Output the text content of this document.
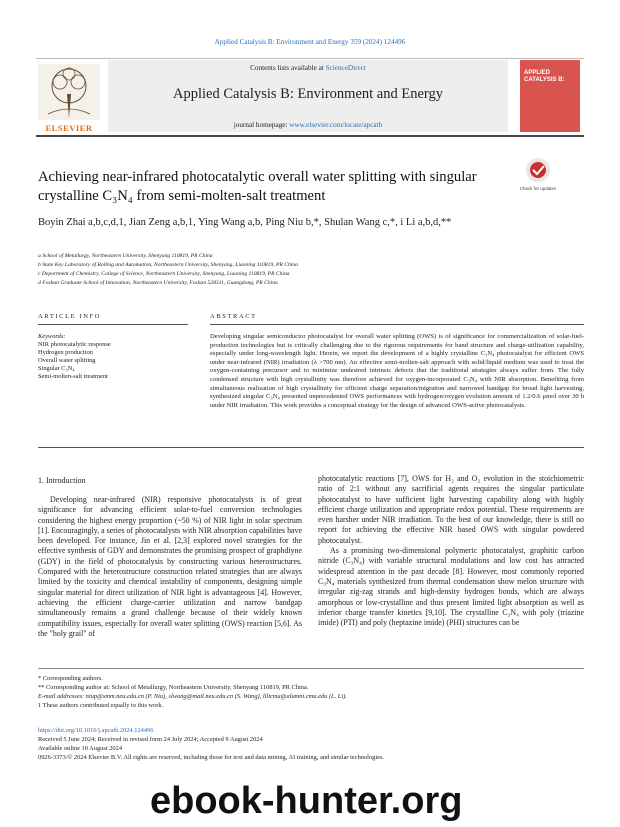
Applied Catalysis B: Environment and Energy 359 (2024) 124496
ELSEVIER
Contents lists available at ScienceDirect
Applied Catalysis B: Environment and Energy
journal homepage: www.elsevier.com/locate/apcatb
APPLIED CATALYSIS B:
Achieving near-infrared photocatalytic overall water splitting with singular crystalline C₃N₄ from semi-molten-salt treatment	Check for updates
Boyin Zhai a,b,c,d,1, Jian Zeng a,b,1, Ying Wang a,b, Ping Niu b,*, Shulan Wang c,*, i Li a,b,d,**
a School of Metallurgy, Northeastern University, Shenyang 110819, PR China
b State Key Laboratory of Rolling and Automation, Northeastern University, Shenyang, Liaoning 110819, PR China
c Department of Chemistry, College of Science, Northeastern University, Shenyang, Liaoning 110819, PR China
d Foshan Graduate School of Innovation, Northeastern University, Foshan 528311, Guangdong, PR China
ARTICLE INFO	ABSTRACT
Keywords:
NIR photocatalytic response
Hydrogen production
Overall water splitting
Singular C₃N₄
Semi-molten-salt treatment
Developing singular semiconductor photocatalyst for overall water splitting (OWS) is of significance for commercialization of solar-fuel-production technologies but is critically challenging due to the rigorous requirements for band structure and charge-utilization capability, especially under long-wavelength light. Herein, we report the development of a highly crystalline C₃N₄ photocatalyst for efficient OWS under near-infrared (NIR) irradiation (λ >700 nm). An effective semi-molten-salt approach with solid/liquid medium was used to treat the oxygen-containing precursor and to minimize undesired intrinsic defects that the traditional strategies always suffer from. The fully condensed structure with high crystallinity was therefore achieved for oxygen-incorporated C₃N₄ with NIR absorption. Benefiting from simultaneous realization of high crystallinity for efficient charge separation/migration and narrowed bandgap for broad light harvesting, synthesized singular C₃N₄ presented unprecedented OWS performances with hydrogen/oxygen evolution amount of 1.2/0.6 μmol over 30 h under NIR irradiation. This work provides a conceptual strategy for the design of advanced OWS-active photocatalysts.
1. Introduction

Developing near-infrared (NIR) responsive photocatalysts is of great significance for advancing efficient solar-to-fuel conversion technologies considering the highest energy proportion (~50 %) of NIR light in solar spectrum [1]. Encouragingly, a series of photocatalysts with NIR absorption capabilities have been developed. For instance, Jin et al. [2,3] explored novel strategies for the effective synthesis of GDY and demonstrates the promising prospect of graphdiyne (GDY) in the field of photocatalysis by constructing various heterostructures. Compared with the heterostructure construction related strategies that are always limited by the toxicity and chemical instability of components, designing simple singular material for direct utilization of NIR light is advantageous [4]. However, achieving the efficient charge-carrier utilization and narrow bandgap simultaneously remains a grand challenge because of their widely known compatibility issues, especially for overall water splitting (OWS) reaction [5,6]. As the "holy grail" of

photocatalytic reactions [7], OWS for H₂ and O₂ evolution in the stoichiometric ratio of 2:1 without any sacrificial agents requires the singular particulate photocatalyst to have sufficient light harvesting capability along with highly efficient charge utilization and appropriate redox potential. These requirements are even harsher under NIR irradiation. To the best of our knowledge, there is still no report for achieving the effective NIR based OWS with singular powdered photocatalyst.

As a promising two-dimensional polymeric photocatalyst, graphitic carbon nitride (C₃N₄) with variable structural modulations and low cost has attracted widespread attention in the past decade [8]. However, most commonly reported C₃N₄ materials synthesized from thermal condensation show melon structure with irregular zig-zag strands and high-density hydrogen bonds, which are always amorphous or low-crystalline and thus present limited light absorption as well as inferior charge transfer kinetics [9,10]. The crystalline C₃N₄ with poly (triazine imide) (PTI) and poly (heptazine imide) (PHI) structures can be

* Corresponding authors.
** Corresponding author at: School of Metallurgy, Northeastern University, Shenyang 110819, PR China.
E-mail addresses: niup@smm.neu.edu.cn (P. Niu), slwang@mail.neu.edu.cn (S. Wang), lilicmu@alumni.cmu.edu (L. Li).
1 These authors contributed equally to this work.
https://doi.org/10.1016/j.apcatb.2024.124496
Received 5 June 2024; Received in revised form 24 July 2024; Accepted 9 August 2024
Available online 10 August 2024
0926-3373/© 2024 Elsevier B.V. All rights are reserved, including those for text and data mining, AI training, and similar technologies.
ebook-hunter.org
